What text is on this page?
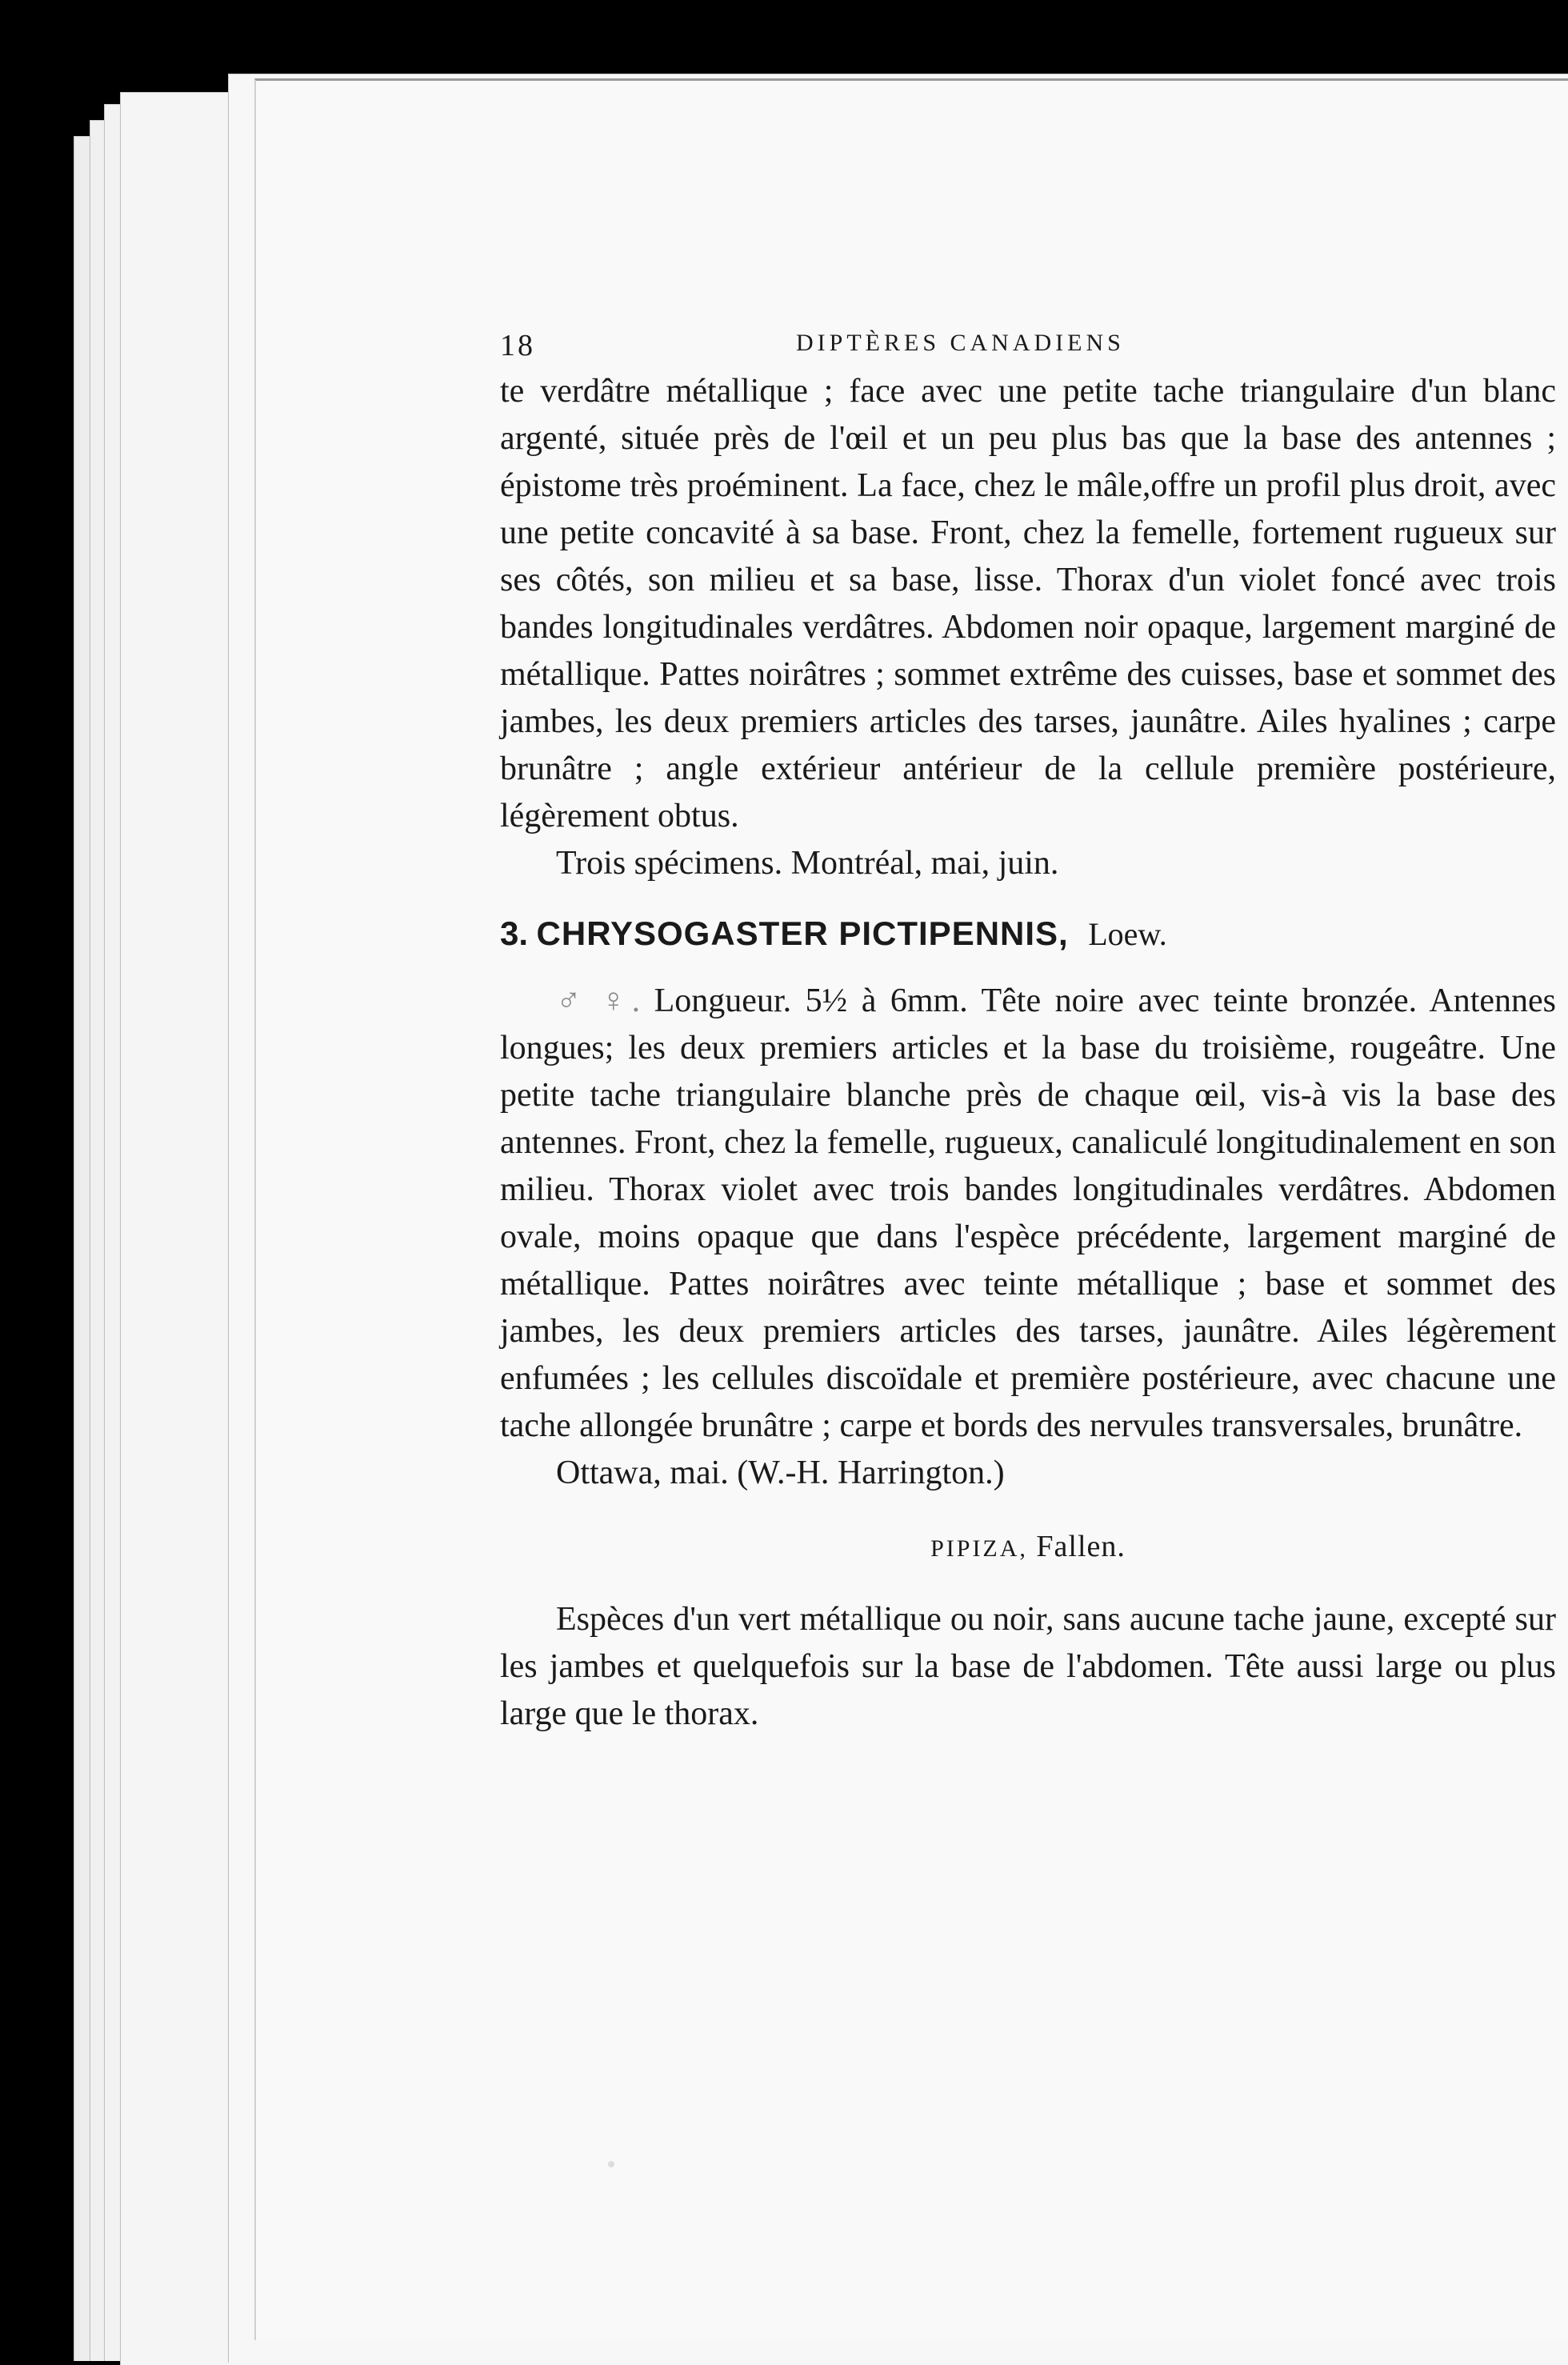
18	DIPTÈRES CANADIENS

te verdâtre métallique ; face avec une petite tache triangulaire d'un blanc argenté, située près de l'œil et un peu plus bas que la base des antennes ; épistome très proéminent. La face, chez le mâle,offre un profil plus droit, avec une petite concavité à sa base. Front, chez la femelle, fortement rugueux sur ses côtés, son milieu et sa base, lisse. Thorax d'un violet foncé avec trois bandes longitudinales verdâtres. Abdomen noir opaque, largement marginé de métallique. Pattes noirâtres ; sommet extrême des cuisses, base et sommet des jambes, les deux premiers articles des tarses, jaunâtre. Ailes hyalines ; carpe brunâtre ; angle extérieur antérieur de la cellule première postérieure, légèrement obtus.

Trois spécimens. Montréal, mai, juin.

3. CHRYSOGASTER PICTIPENNIS, Loew.

♂ ♀. Longueur. 5½ à 6mm. Tête noire avec teinte bronzée. Antennes longues; les deux premiers articles et la base du troisième, rougeâtre. Une petite tache triangulaire blanche près de chaque œil, vis-à vis la base des antennes. Front, chez la femelle, rugueux, canaliculé longitudinalement en son milieu. Thorax violet avec trois bandes longitudinales verdâtres. Abdomen ovale, moins opaque que dans l'espèce précédente, largement marginé de métallique. Pattes noirâtres avec teinte métallique ; base et sommet des jambes, les deux premiers articles des tarses, jaunâtre. Ailes légèrement enfumées ; les cellules discoïdale et première postérieure, avec chacune une tache allongée brunâtre ; carpe et bords des nervules transversales, brunâtre.

Ottawa, mai. (W.-H. Harrington.)

PIPIZA, Fallen.

Espèces d'un vert métallique ou noir, sans aucune tache jaune, excepté sur les jambes et quelquefois sur la base de l'abdomen. Tête aussi large ou plus large que le thorax.
